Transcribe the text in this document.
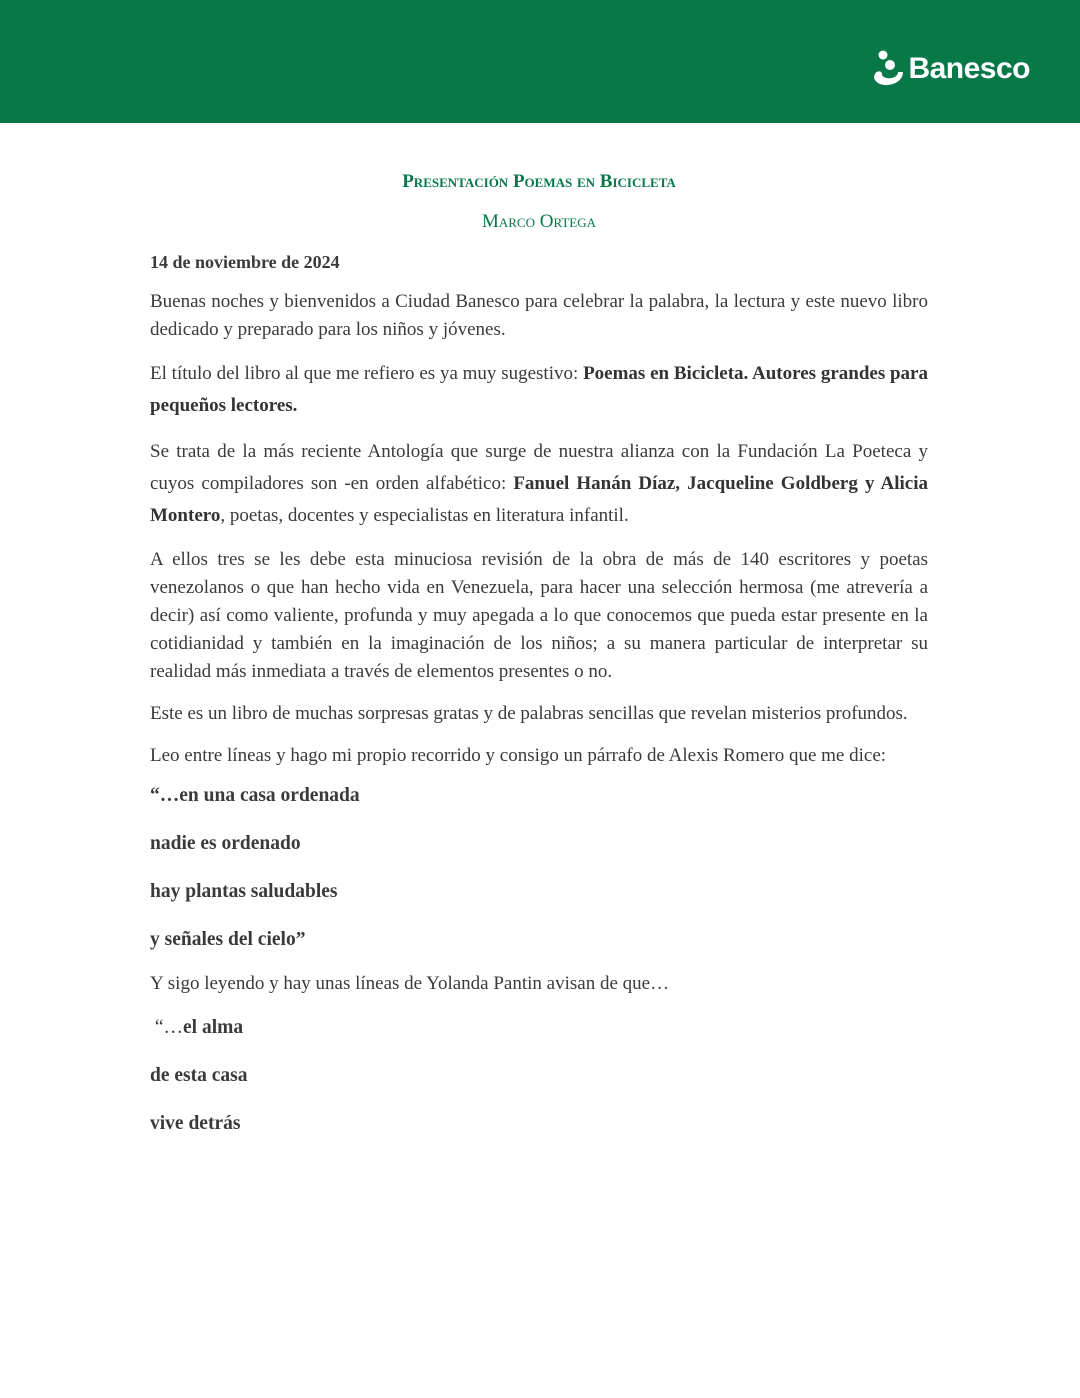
Banesco
Presentación Poemas en Bicicleta
Marco Ortega
14 de noviembre de 2024

Buenas noches y bienvenidos a Ciudad Banesco para celebrar la palabra, la lectura y este nuevo libro dedicado y preparado para los niños y jóvenes.

El título del libro al que me refiero es ya muy sugestivo: Poemas en Bicicleta. Autores grandes para pequeños lectores.

Se trata de la más reciente Antología que surge de nuestra alianza con la Fundación La Poeteca y cuyos compiladores son -en orden alfabético: Fanuel Hanán Díaz, Jacqueline Goldberg y Alicia Montero, poetas, docentes y especialistas en literatura infantil.

A ellos tres se les debe esta minuciosa revisión de la obra de más de 140 escritores y poetas venezolanos o que han hecho vida en Venezuela, para hacer una selección hermosa (me atrevería a decir) así como valiente, profunda y muy apegada a lo que conocemos que pueda estar presente en la cotidianidad y también en la imaginación de los niños; a su manera particular de interpretar su realidad más inmediata a través de elementos presentes o no.

Este es un libro de muchas sorpresas gratas y de palabras sencillas que revelan misterios profundos.

Leo entre líneas y hago mi propio recorrido y consigo un párrafo de Alexis Romero que me dice:

“…en una casa ordenada
nadie es ordenado
hay plantas saludables
y señales del cielo”
Y sigo leyendo y hay unas líneas de Yolanda Pantin avisan de que…
“…el alma
de esta casa
vive detrás
